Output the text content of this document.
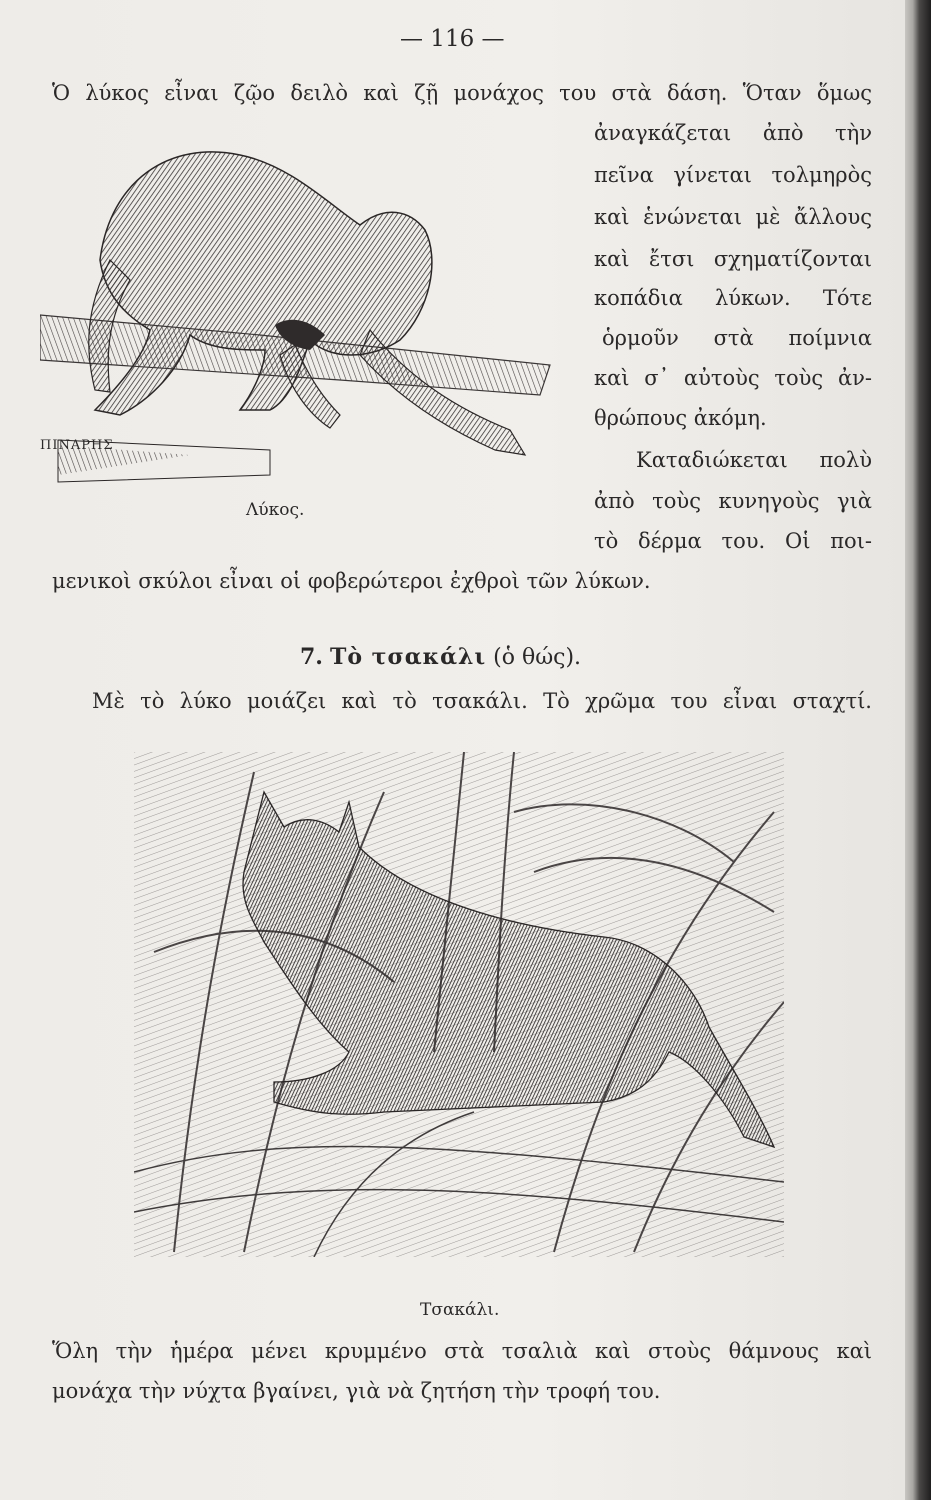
— 116 —
Ὁ λύκος εἶναι ζῷο δειλὸ καὶ ζῇ μονάχος του στὰ δάση. Ὅταν ὅμως
ΠΙΝΑΡΗΣ
Λύκος.
ἀναγκάζεται ἀπὸ τὴν
πεῖνα γίνεται τολμηρὸς
καὶ ἑνώνεται μὲ ἄλλους
καὶ ἔτσι σχηματίζονται
κοπάδια λύκων. Τότε
ὁρμοῦν στὰ ποίμνια
καὶ σ᾽ αὐτοὺς τοὺς ἀν-
θρώπους ἀκόμη.
Καταδιώκεται πολὺ
ἀπὸ τοὺς κυνηγοὺς γιὰ
τὸ δέρμα του. Οἱ ποι-
μενικοὶ σκύλοι εἶναι οἱ φοβερώτεροι ἐχθροὶ τῶν λύκων.
7. Τὸ τσακάλι (ὁ θώς).
Μὲ τὸ λύκο μοιάζει καὶ τὸ τσακάλι. Τὸ χρῶμα του εἶναι σταχτί.
Τσακάλι.
Ὅλη τὴν ἡμέρα μένει κρυμμένο στὰ τσαλιὰ καὶ στοὺς θάμνους καὶ
μονάχα τὴν νύχτα βγαίνει, γιὰ νὰ ζητήση τὴν τροφή του.
